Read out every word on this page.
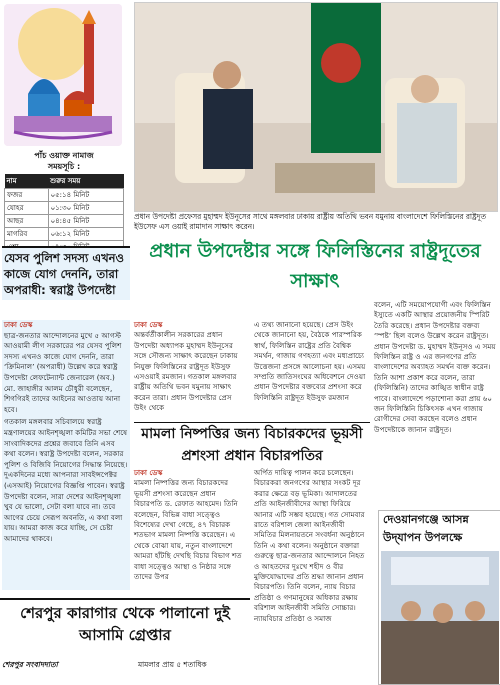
পাঁচ ওয়াক্ত নামাজ
সময়সূচি :
নাম	শুরুর সময়
ফজর	০৫:১৪ মিনিট
যোহর	০১:৩০ মিনিট
আছর	০৪:৪৫ মিনিট
মাগরিব	০৬:১২ মিনিট

যেসব পুলিশ সদস্য এখনও কাজে যোগ দেননি, তারা অপরাধী: স্বরাষ্ট্র উপদেষ্টা
ঢাকা ডেস্ক

ছাত্র-জনতার আন্দোলনের মুখে ৫ আগস্ট আওয়ামী লীগ সরকারের পর যেসব পুলিশ সদস্য এখনও কাজে যোগ দেননি, তারা ‘ক্রিমিনাল’ (অপরাধী) উল্লেখ করে স্বরাষ্ট্র উপদেষ্টা লেফটেন্যান্ট জেনারেল (অব.) মো. জাহাঙ্গীর আলম চৌধুরী বলেছেন, শিগগিরই তাদের আইনের আওতায় আনা হবে।

গতকাল মঙ্গলবার সচিবালয়ে স্বরাষ্ট্র মন্ত্রণালয়ের আইনশৃঙ্খলা কমিটির সভা শেষে সাংবাদিকদের প্রশ্নের জবাবে তিনি এসব কথা বলেন। স্বরাষ্ট্র উপদেষ্টা বলেন, সরকার পুলিশ ও বিজিবি নিয়োগের সিদ্ধান্ত নিয়েছে। দুএকদিনের মধ্যে আপনারা সাবইন্সপেক্টর (এসআই) নিয়োগের বিজ্ঞপ্তি পাবেন। স্বরাষ্ট্র উপদেষ্টা বলেন, সারা দেশের আইনশৃঙ্খলা খুব যে ভালো, সেটা বলা যাবে না। তবে আগের চেয়ে সেরূপ অবনতি, এ কথা বলা যায়। আমরা কাজ করে যাচ্ছি, সে চেষ্টা আমাদের থাকবে।

প্রধান উপদেষ্টা প্রফেসর মুহাম্মদ ইউনূসের সাথে মঙ্গলবার ঢাকায় রাষ্ট্রীয় অতিথি ভবন যমুনায় বাংলাদেশে ফিলিস্তিনের রাষ্ট্রদূত ইউসেফ এস ওয়াই রামাদান সাক্ষাৎ করেন।
প্রধান উপদেষ্টার সঙ্গে ফিলিস্তিনের রাষ্ট্রদূতের সাক্ষাৎ
ঢাকা ডেস্ক

অন্তর্বর্তীকালীন সরকারের প্রধান উপদেষ্টা অধ্যাপক মুহাম্মদ ইউনূসের সঙ্গে সৌজন্য সাক্ষাৎ করেছেন ঢাকায় নিযুক্ত ফিলিস্তিনের রাষ্ট্রদূত ইউসুফ এসওয়াই রমজান। গতকাল মঙ্গলবার রাষ্ট্রীয় অতিথি ভবন যমুনায় সাক্ষাৎ করেন তারা। প্রধান উপদেষ্টার প্রেস উইং থেকে

এ তথ্য জানানো হয়েছে। প্রেস উইং থেকে জানানো হয়, বৈঠকে পারস্পরিক স্বার্থ, ফিলিস্তিন রাষ্ট্রের প্রতি বৈশ্বিক সমর্থন, গাজায় গণহত্যা এবং মধ্যপ্রাচ্যে উত্তেজনা প্রসঙ্গে আলোচনা হয়। এসময় সম্প্রতি জাতিসংঘের অধিবেশনে দেওয়া প্রধান উপদেষ্টার বক্তব্যের প্রশংসা করে ফিলিস্তিনি রাষ্ট্রদূত ইউসুফ রমজান

বলেন, এটি সময়োপযোগী এবং ফিলিস্তিন ইস্যুতে একটি আস্থার প্রয়োজনীয় স্পিরিট তৈরি করেছে। প্রধান উপদেষ্টার বক্তব্য ‘স্পষ্ট’ ছিল বলেও উল্লেখ করেন রাষ্ট্রদূত। প্রধান উপদেষ্টা ড. মুহাম্মদ ইউনূসও এ সময় ফিলিস্তিন রাষ্ট্র ও এর জনগণের প্রতি বাংলাদেশের অব্যাহত সমর্থন ব্যক্ত করেন। তিনি আশা প্রকাশ করে বলেন, তারা (ফিলিস্তিনি) তাদের কাঙ্খিত স্বাধীন রাষ্ট্র পাবে। বাংলাদেশে পড়াশোনা করা প্রায় ৬০ জন ফিলিস্তিনি চিকিৎসক এখন গাজায় রোগীদের সেবা করছেন বলেও প্রধান উপদেষ্টাকে জানান রাষ্ট্রদূত।

মামলা নিষ্পত্তির জন্য বিচারকদের ভূয়সী প্রশংসা প্রধান বিচারপতির
ঢাকা ডেস্ক

মামলা নিষ্পত্তির জন্য বিচারকদের ভূয়সী প্রশংসা করেছেন প্রধান বিচারপতি ড. রেফাত আহমেদ। তিনি বলেছেন, বিভিন্ন বাধা সত্ত্বেও বিশেষ্যের দেখা গেছে, ৪৭ বিচারক শতভাগ মামলা নিষ্পত্তি করেছেন। এ থেকে বোঝা যায়, নতুন বাংলাদেশে আমরা হাঁটছি দেখছি বিচার বিভাগ শত বাধা সত্ত্বেও আস্থা ও নিষ্ঠার সঙ্গে তাদের উপর

অর্পিত দায়িত্ব পালন করে চলেছেন। বিচারকরা জনগণের আস্থার সংকট দূর করার ক্ষেত্রে বড় ভূমিকা। আদালতের প্রতি আইনজীবীদের আস্থা ফিরিয়ে আনার এটি সম্ভব হয়েছে। গত সোমবার রাতে বরিশাল জেলা আইনজীবী সমিতির মিলনায়তনে সংবর্ধনা অনুষ্ঠানে তিনি এ কথা বলেন। অনুষ্ঠানে বক্তারা গুরুত্বে ছাত্র-জনতার আন্দোলনে নিহত ও আহতদের দুঃখে শহীদ ও বীর মুক্তিযোদ্ধাদের প্রতি শ্রদ্ধা জানান প্রধান বিচারপতি। তিনি বলেন, ন্যায় বিচার প্রতিষ্ঠা ও গণমানুষের অধিকার রক্ষায় বরিশাল আইনজীবী সমিতি সোচ্চার। ন্যায়বিচার প্রতিষ্ঠা ও সমাজ

দেওয়ানগঞ্জে আসন্ন উদ্‌যাপন উপলক্ষে
শেরপুর কারাগার থেকে পালানো দুই আসামি গ্রেপ্তার
শেরপুর সংবাদদাতা	মামলার প্রায় ৫ শতাধিক
